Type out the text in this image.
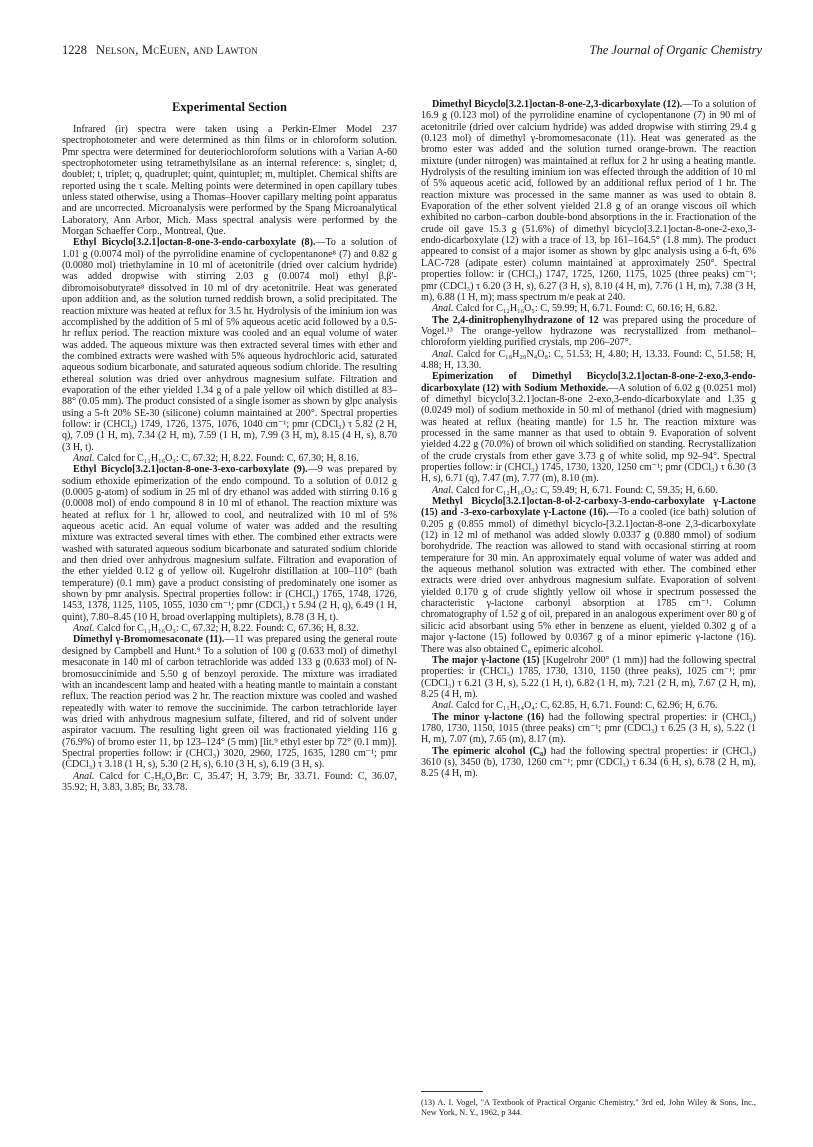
1228 Nelson, McEuen, and Lawton	The Journal of Organic Chemistry
Experimental Section

Infrared (ir) spectra were taken using a Perkin-Elmer Model 237 spectrophotometer and were determined as thin films or in chloroform solution. Pmr spectra were determined for deuteriochloroform solutions with a Varian A-60 spectrophotometer using tetramethylsilane as an internal reference: s, singlet; d, doublet; t, triplet; q, quadruplet; quint, quintuplet; m, multiplet. Chemical shifts are reported using the τ scale. Melting points were determined in open capillary tubes unless stated otherwise, using a Thomas–Hoover capillary melting point apparatus and are uncorrected. Microanalysis were performed by the Spang Microanalytical Laboratory, Ann Arbor, Mich. Mass spectral analysis were performed by the Morgan Schaeffer Corp., Montreal, Que.

Ethyl Bicyclo[3.2.1]octan-8-one-3-endo-carboxylate (8).—To a solution of 1.01 g (0.0074 mol) of the pyrrolidine enamine of cyclopentanone⁸ (7) and 0.82 g (0.0080 mol) triethylamine in 10 ml of acetonitrile (dried over calcium hydride) was added dropwise with stirring 2.03 g (0.0074 mol) ethyl β,β′-dibromoisobutyrate⁸ dissolved in 10 ml of dry acetonitrile. Heat was generated upon addition and, as the solution turned reddish brown, a solid precipitated. The reaction mixture was heated at reflux for 3.5 hr. Hydrolysis of the iminium ion was accomplished by the addition of 5 ml of 5% aqueous acetic acid followed by a 0.5-hr reflux period. The reaction mixture was cooled and an equal volume of water was added. The aqueous mixture was then extracted several times with ether and the combined extracts were washed with 5% aqueous hydrochloric acid, saturated aqueous sodium bicarbonate, and saturated aqueous sodium chloride. The resulting ethereal solution was dried over anhydrous magnesium sulfate. Filtration and evaporation of the ether yielded 1.34 g of a pale yellow oil which distilled at 83–88° (0.05 mm). The product consisted of a single isomer as shown by glpc analysis using a 5-ft 20% SE-30 (silicone) column maintained at 200°. Spectral properties follow: ir (CHCl₃) 1749, 1726, 1375, 1076, 1040 cm⁻¹; pmr (CDCl₃) τ 5.82 (2 H, q), 7.09 (1 H, m), 7.34 (2 H, m), 7.59 (1 H, m), 7.99 (3 H, m), 8.15 (4 H, s), 8.70 (3 H, t).

Anal. Calcd for C₁₁H₁₆O₃: C, 67.32; H, 8.22. Found: C, 67.30; H, 8.16.

Ethyl Bicyclo[3.2.1]octan-8-one-3-exo-carboxylate (9).—9 was prepared by sodium ethoxide epimerization of the endo compound. To a solution of 0.012 g (0.0005 g-atom) of sodium in 25 ml of dry ethanol was added with stirring 0.16 g (0.0008 mol) of endo compound 8 in 10 ml of ethanol. The reaction mixture was heated at reflux for 1 hr, allowed to cool, and neutralized with 10 ml of 5% aqueous acetic acid. An equal volume of water was added and the resulting mixture was extracted several times with ether. The combined ether extracts were washed with saturated aqueous sodium bicarbonate and saturated sodium chloride and then dried over anhydrous magnesium sulfate. Filtration and evaporation of the ether yielded 0.12 g of yellow oil. Kugelrohr distillation at 100–110° (bath temperature) (0.1 mm) gave a product consisting of predominately one isomer as shown by pmr analysis. Spectral properties follow: ir (CHCl₃) 1765, 1748, 1726, 1453, 1378, 1125, 1105, 1055, 1030 cm⁻¹; pmr (CDCl₃) τ 5.94 (2 H, q), 6.49 (1 H, quint), 7.80–8.45 (10 H, broad overlapping multiplets), 8.78 (3 H, t).

Anal. Calcd for C₁₁H₁₆O₃: C, 67.32; H, 8.22. Found: C, 67.36; H, 8.32.

Dimethyl γ-Bromomesaconate (11).—11 was prepared using the general route designed by Campbell and Hunt.⁹ To a solution of 100 g (0.633 mol) of dimethyl mesaconate in 140 ml of carbon tetrachloride was added 133 g (0.633 mol) of N-bromosuccinimide and 5.50 g of benzoyl peroxide. The mixture was irradiated with an incandescent lamp and heated with a heating mantle to maintain a constant reflux. The reaction period was 2 hr. The reaction mixture was cooled and washed repeatedly with water to remove the succinimide. The carbon tetrachloride layer was dried with anhydrous magnesium sulfate, filtered, and rid of solvent under aspirator vacuum. The resulting light green oil was fractionated yielding 116 g (76.9%) of bromo ester 11, bp 123–124° (5 mm) [lit.⁹ ethyl ester bp 72° (0.1 mm)]. Spectral properties follow: ir (CHCl₃) 3020, 2960, 1725, 1635, 1280 cm⁻¹; pmr (CDCl₃) τ 3.18 (1 H, s), 5.30 (2 H, s), 6.10 (3 H, s), 6.19 (3 H, s).

Anal. Calcd for C₇H₉O₄Br: C, 35.47; H, 3.79; Br, 33.71. Found: C, 36.07, 35.92; H, 3.83, 3.85; Br, 33.78.

Dimethyl Bicyclo[3.2.1]octan-8-one-2,3-dicarboxylate (12).—To a solution of 16.9 g (0.123 mol) of the pyrrolidine enamine of cyclopentanone (7) in 90 ml of acetonitrile (dried over calcium hydride) was added dropwise with stirring 29.4 g (0.123 mol) of dimethyl γ-bromomesaconate (11). Heat was generated as the bromo ester was added and the solution turned orange-brown. The reaction mixture (under nitrogen) was maintained at reflux for 2 hr using a heating mantle. Hydrolysis of the resulting iminium ion was effected through the addition of 10 ml of 5% aqueous acetic acid, followed by an additional reflux period of 1 hr. The reaction mixture was processed in the same manner as was used to obtain 8. Evaporation of the ether solvent yielded 21.8 g of an orange viscous oil which exhibited no carbon–carbon double-bond absorptions in the ir. Fractionation of the crude oil gave 15.3 g (51.6%) of dimethyl bicyclo[3.2.1]octan-8-one-2-exo,3-endo-dicarboxylate (12) with a trace of 13, bp 161–164.5° (1.8 mm). The product appeared to consist of a major isomer as shown by glpc analysis using a 6-ft, 6% LAC-728 (adipate ester) column maintained at approximately 250°. Spectral properties follow: ir (CHCl₃) 1747, 1725, 1260, 1175, 1025 (three peaks) cm⁻¹; pmr (CDCl₃) τ 6.20 (3 H, s), 6.27 (3 H, s), 8.10 (4 H, m), 7.76 (1 H, m), 7.38 (3 H, m), 6.88 (1 H, m); mass spectrum m/e peak at 240.

Anal. Calcd for C₁₂H₁₆O₅: C, 59.99; H, 6.71. Found: C, 60.16; H, 6.82.

The 2,4-dinitrophenylhydrazone of 12 was prepared using the procedure of Vogel.¹³ The orange-yellow hydrazone was recrystallized from methanol–chloroform yielding purified crystals, mp 206–207°.

Anal. Calcd for C₁₈H₂₀N₄O₈: C, 51.53; H, 4.80; H, 13.33. Found: C, 51.58; H, 4.88; H, 13.30.

Epimerization of Dimethyl Bicyclo[3.2.1]octan-8-one-2-exo,3-endo-dicarboxylate (12) with Sodium Methoxide.—A solution of 6.02 g (0.0251 mol) of dimethyl bicyclo[3.2.1]octan-8-one 2-exo,3-endo-dicarboxylate and 1.35 g (0.0249 mol) of sodium methoxide in 50 ml of methanol (dried with magnesium) was heated at reflux (heating mantle) for 1.5 hr. The reaction mixture was processed in the same manner as that used to obtain 9. Evaporation of solvent yielded 4.22 g (70.0%) of brown oil which solidified on standing. Recrystallization of the crude crystals from ether gave 3.73 g of white solid, mp 92–94°. Spectral properties follow: ir (CHCl₃) 1745, 1730, 1320, 1250 cm⁻¹; pmr (CDCl₃) τ 6.30 (3 H, s), 6.71 (q), 7.47 (m), 7.77 (m), 8.10 (m).

Anal. Calcd for C₁₂H₁₆O₅: C, 59.49; H, 6.71. Found: C, 59.35; H, 6.60.

Methyl Bicyclo[3.2.1]octan-8-ol-2-carboxy-3-endo-carboxylate γ-Lactone (15) and -3-exo-carboxylate γ-Lactone (16).—To a cooled (ice bath) solution of 0.205 g (0.855 mmol) of dimethyl bicyclo-[3.2.1]octan-8-one 2,3-dicarboxylate (12) in 12 ml of methanol was added slowly 0.0337 g (0.880 mmol) of sodium borohydride. The reaction was allowed to stand with occasional stirring at room temperature for 30 min. An approximately equal volume of water was added and the aqueous methanol solution was extracted with ether. The combined ether extracts were dried over anhydrous magnesium sulfate. Evaporation of solvent yielded 0.170 g of crude slightly yellow oil whose ir spectrum possessed the characteristic γ-lactone carbonyl absorption at 1785 cm⁻¹. Column chromatography of 1.52 g of oil, prepared in an analogous experiment over 80 g of silicic acid absorbant using 5% ether in benzene as eluent, yielded 0.302 g of a major γ-lactone (15) followed by 0.0367 g of a minor epimeric γ-lactone (16). There was also obtained C₈ epimeric alcohol.

The major γ-lactone (15) [Kugelrohr 200° (1 mm)] had the following spectral properties: ir (CHCl₃) 1785, 1730, 1310, 1150 (three peaks), 1025 cm⁻¹; pmr (CDCl₃) τ 6.21 (3 H, s), 5.22 (1 H, t), 6.82 (1 H, m), 7.21 (2 H, m), 7.67 (2 H, m), 8.25 (4 H, m).

Anal. Calcd for C₁₁H₁₄O₄: C, 62.85, H, 6.71. Found: C, 62.96; H, 6.76.

The minor γ-lactone (16) had the following spectral properties: ir (CHCl₃) 1780, 1730, 1150, 1015 (three peaks) cm⁻¹; pmr (CDCl₃) τ 6.25 (3 H, s), 5.22 (1 H, m), 7.07 (m), 7.65 (m), 8.17 (m).

The epimeric alcohol (C₈) had the following spectral properties: ir (CHCl₃) 3610 (s), 3450 (b), 1730, 1260 cm⁻¹; pmr (CDCl₃) τ 6.34 (6 H, s), 6.78 (2 H, m), 8.25 (4 H, m).

(13) A. I. Vogel, "A Textbook of Practical Organic Chemistry," 3rd ed, John Wiley & Sons, Inc., New York, N. Y., 1962, p 344.
